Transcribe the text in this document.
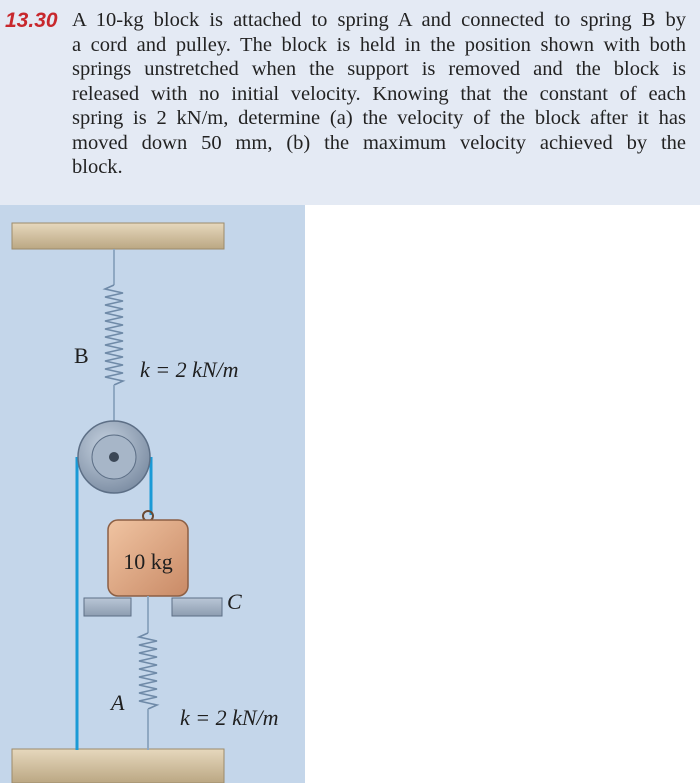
13.30 A 10-kg block is attached to spring A and connected to spring B by
a cord and pulley. The block is held in the position shown with both
springs unstretched when the support is removed and the block is
released with no initial velocity. Knowing that the constant of each
spring is 2 kN/m, determine (a) the velocity of the block after it has
moved down 50 mm, (b) the maximum velocity achieved by the
block.
B
k = 2 kN/m
10 kg
C
A
k = 2 kN/m
